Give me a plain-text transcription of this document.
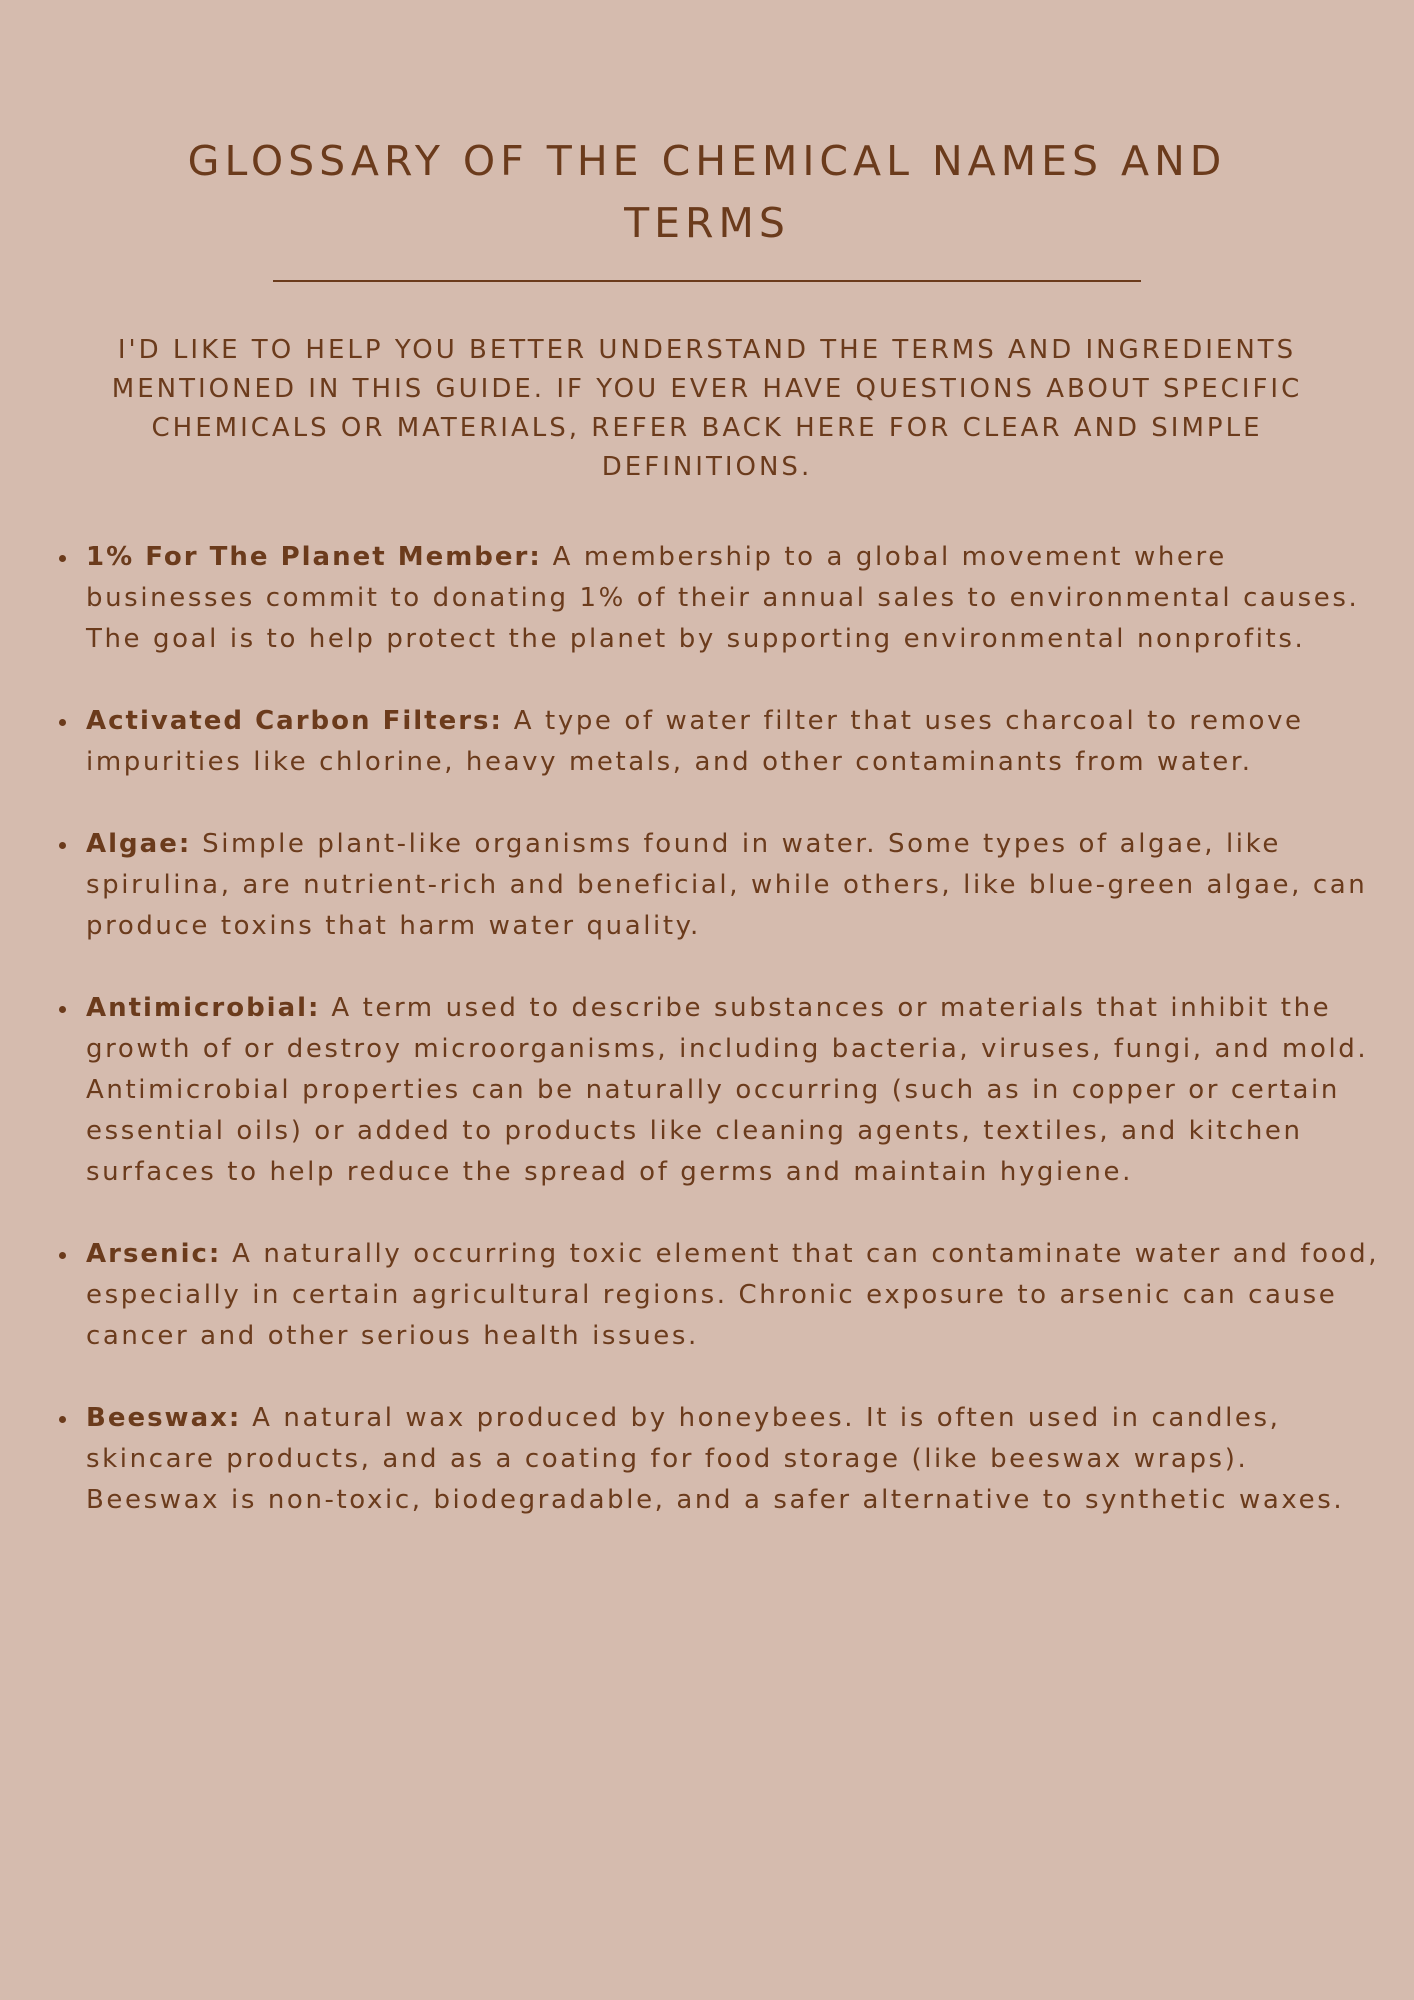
GLOSSARY OF THE CHEMICAL NAMES AND TERMS

I'D LIKE TO HELP YOU BETTER UNDERSTAND THE TERMS AND INGREDIENTS MENTIONED IN THIS GUIDE. IF YOU EVER HAVE QUESTIONS ABOUT SPECIFIC CHEMICALS OR MATERIALS, REFER BACK HERE FOR CLEAR AND SIMPLE DEFINITIONS.

1% For The Planet Member: A membership to a global movement where businesses commit to donating 1% of their annual sales to environmental causes. The goal is to help protect the planet by supporting environmental nonprofits.
Activated Carbon Filters: A type of water filter that uses charcoal to remove impurities like chlorine, heavy metals, and other contaminants from water.
Algae: Simple plant-like organisms found in water. Some types of algae, like spirulina, are nutrient-rich and beneficial, while others, like blue-green algae, can produce toxins that harm water quality.
Antimicrobial: A term used to describe substances or materials that inhibit the growth of or destroy microorganisms, including bacteria, viruses, fungi, and mold. Antimicrobial properties can be naturally occurring (such as in copper or certain essential oils) or added to products like cleaning agents, textiles, and kitchen surfaces to help reduce the spread of germs and maintain hygiene.
Arsenic: A naturally occurring toxic element that can contaminate water and food, especially in certain agricultural regions. Chronic exposure to arsenic can cause cancer and other serious health issues.
Beeswax: A natural wax produced by honeybees. It is often used in candles, skincare products, and as a coating for food storage (like beeswax wraps). Beeswax is non-toxic, biodegradable, and a safer alternative to synthetic waxes.
